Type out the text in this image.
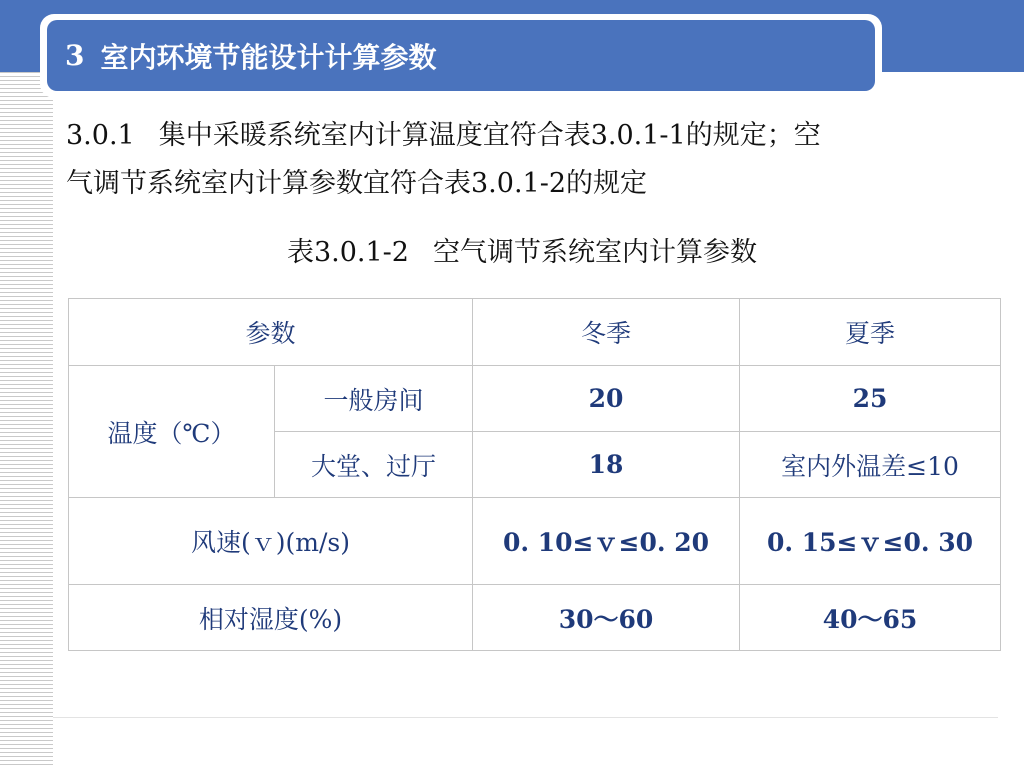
3 室内环境节能设计计算参数
3.0.1 集中采暖系统室内计算温度宜符合表3.0.1-1的规定；空
气调节系统室内计算参数宜符合表3.0.1-2的规定
表3.0.1-2 空气调节系统室内计算参数
参数		冬季	夏季
温度（℃）	一般房间	20	25
	大堂、过厅	18	室内外温差≤10
风速(ｖ)(m/s)		0. 10≤ｖ≤0. 20	0. 15≤ｖ≤0. 30
相对湿度(%)		30～60	40～65
